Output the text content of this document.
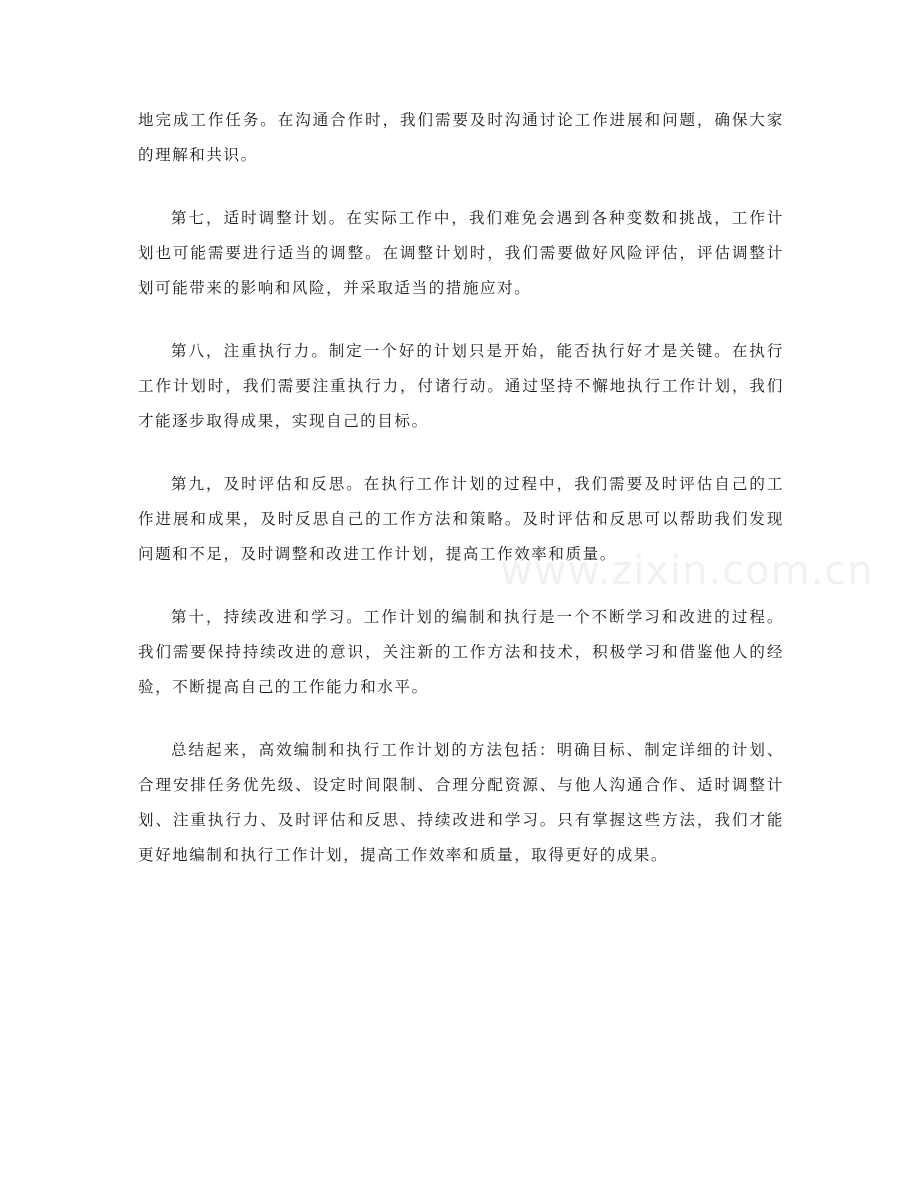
地完成工作任务。在沟通合作时，我们需要及时沟通讨论工作进展和问题，确保大家的理解和共识。

第七，适时调整计划。在实际工作中，我们难免会遇到各种变数和挑战，工作计划也可能需要进行适当的调整。在调整计划时，我们需要做好风险评估，评估调整计划可能带来的影响和风险，并采取适当的措施应对。

第八，注重执行力。制定一个好的计划只是开始，能否执行好才是关键。在执行工作计划时，我们需要注重执行力，付诸行动。通过坚持不懈地执行工作计划，我们才能逐步取得成果，实现自己的目标。

第九，及时评估和反思。在执行工作计划的过程中，我们需要及时评估自己的工作进展和成果，及时反思自己的工作方法和策略。及时评估和反思可以帮助我们发现问题和不足，及时调整和改进工作计划，提高工作效率和质量。

第十，持续改进和学习。工作计划的编制和执行是一个不断学习和改进的过程。我们需要保持持续改进的意识，关注新的工作方法和技术，积极学习和借鉴他人的经验，不断提高自己的工作能力和水平。

总结起来，高效编制和执行工作计划的方法包括：明确目标、制定详细的计划、合理安排任务优先级、设定时间限制、合理分配资源、与他人沟通合作、适时调整计划、注重执行力、及时评估和反思、持续改进和学习。只有掌握这些方法，我们才能更好地编制和执行工作计划，提高工作效率和质量，取得更好的成果。

www.zixin.com.cn
